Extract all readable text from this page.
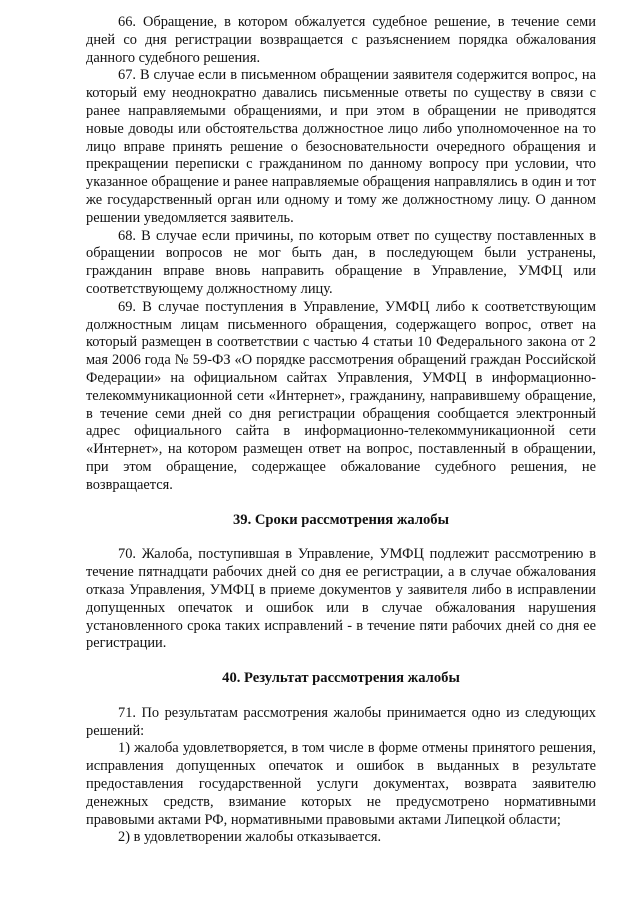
66. Обращение, в котором обжалуется судебное решение, в течение семи дней со дня регистрации возвращается с разъяснением порядка обжалования данного судебного решения.

67. В случае если в письменном обращении заявителя содержится вопрос, на который ему неоднократно давались письменные ответы по существу в связи с ранее направляемыми обращениями, и при этом в обращении не приводятся новые доводы или обстоятельства должностное лицо либо уполномоченное на то лицо вправе принять решение о безосновательности очередного обращения и прекращении переписки с гражданином по данному вопросу при условии, что указанное обращение и ранее направляемые обращения направлялись в один и тот же государственный орган или одному и тому же должностному лицу. О данном решении уведомляется заявитель.

68. В случае если причины, по которым ответ по существу поставленных в обращении вопросов не мог быть дан, в последующем были устранены, гражданин вправе вновь направить обращение в Управление, УМФЦ или соответствующему должностному лицу.

69. В случае поступления в Управление, УМФЦ либо к соответствующим должностным лицам письменного обращения, содержащего вопрос, ответ на который размещен в соответствии с частью 4 статьи 10 Федерального закона от 2 мая 2006 года № 59-ФЗ «О порядке рассмотрения обращений граждан Российской Федерации» на официальном сайтах Управления, УМФЦ в информационно-телекоммуникационной сети «Интернет», гражданину, направившему обращение, в течение семи дней со дня регистрации обращения сообщается электронный адрес официального сайта в информационно-телекоммуникационной сети «Интернет», на котором размещен ответ на вопрос, поставленный в обращении, при этом обращение, содержащее обжалование судебного решения, не возвращается.

39. Сроки рассмотрения жалобы

70. Жалоба, поступившая в Управление, УМФЦ подлежит рассмотрению в течение пятнадцати рабочих дней со дня ее регистрации, а в случае обжалования отказа Управления, УМФЦ в приеме документов у заявителя либо в исправлении допущенных опечаток и ошибок или в случае обжалования нарушения установленного срока таких исправлений - в течение пяти рабочих дней со дня ее регистрации.

40. Результат рассмотрения жалобы

71. По результатам рассмотрения жалобы принимается одно из следующих решений:

1) жалоба удовлетворяется, в том числе в форме отмены принятого решения, исправления допущенных опечаток и ошибок в выданных в результате предоставления государственной услуги документах, возврата заявителю денежных средств, взимание которых не предусмотрено нормативными правовыми актами РФ, нормативными правовыми актами Липецкой области;

2) в удовлетворении жалобы отказывается.
